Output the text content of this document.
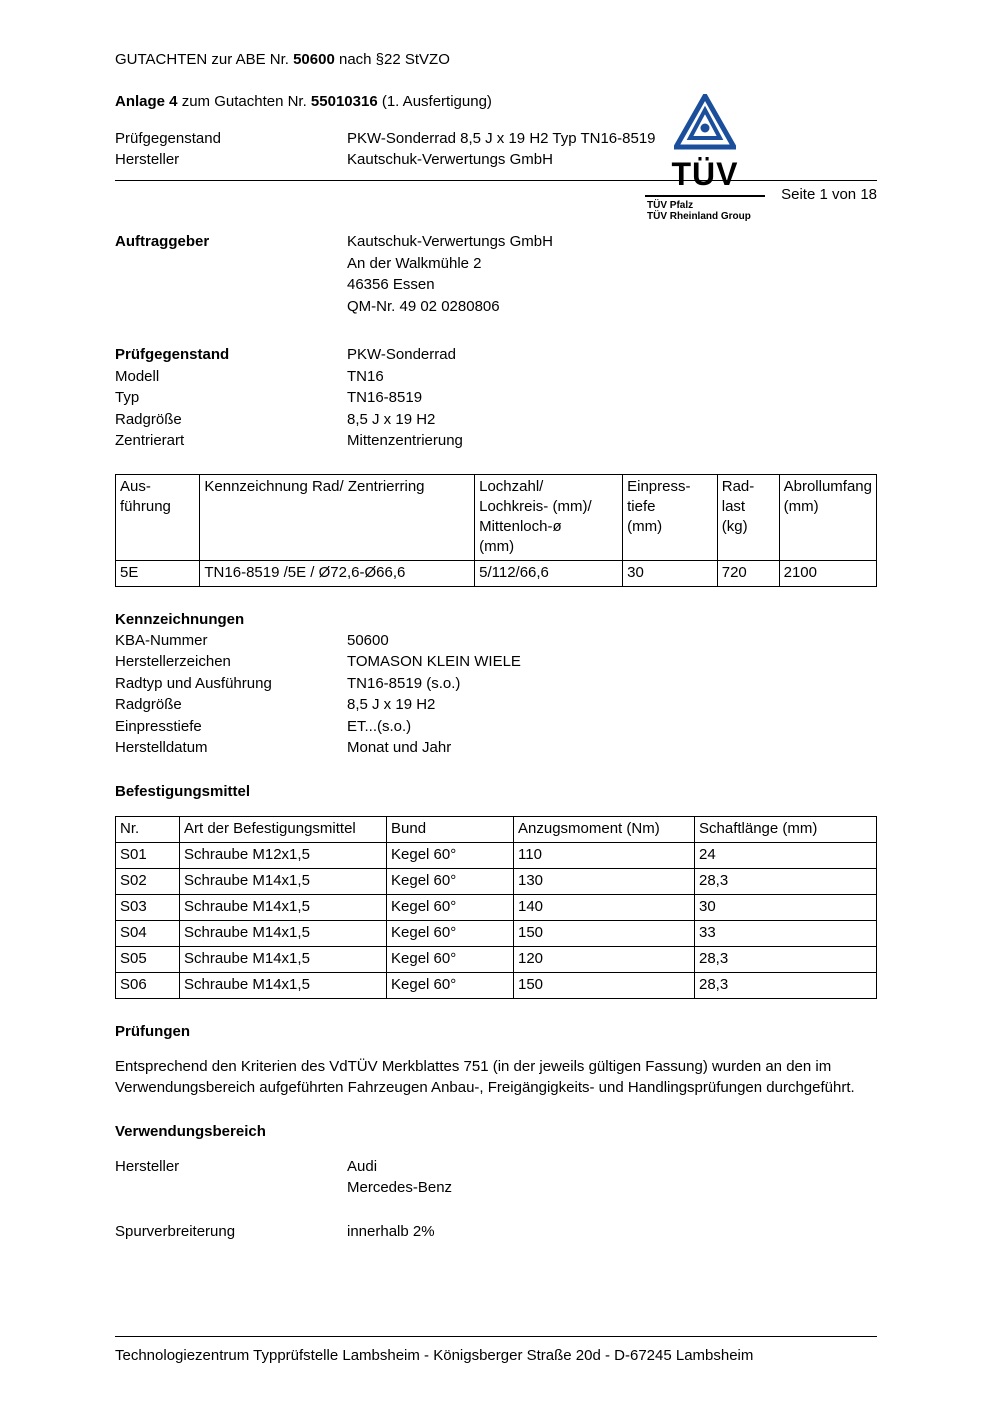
GUTACHTEN zur ABE Nr. 50600 nach §22 StVZO
Anlage 4 zum Gutachten Nr. 55010316 (1. Ausfertigung)
Prüfgegenstand	PKW-Sonderrad 8,5 J x 19 H2 Typ TN16-8519
Hersteller	Kautschuk-Verwertungs GmbH	TÜV
TÜV Pfalz
TÜV Rheinland Group
Seite 1 von 18
Auftraggeber	Kautschuk-Verwertungs GmbH
	An der Walkmühle 2
	46356 Essen
	QM-Nr. 49 02 0280806
Prüfgegenstand	PKW-Sonderrad
Modell	TN16
Typ	TN16-8519
Radgröße	8,5 J x 19 H2
Zentrierart	Mittenzentrierung
Aus-
führung	Kennzeichnung Rad/ Zentrierring	Lochzahl/
Lochkreis- (mm)/
Mittenloch-ø
(mm)	Einpress-
tiefe
(mm)	Rad-
last
(kg)	Abrollumfang
(mm)
5E	TN16-8519 /5E / Ø72,6-Ø66,6	5/112/66,6	30	720	2100
Kennzeichnungen
KBA-Nummer	50600
Herstellerzeichen	TOMASON KLEIN WIELE
Radtyp und Ausführung	TN16-8519 (s.o.)
Radgröße	8,5 J x 19 H2
Einpresstiefe	ET...(s.o.)
Herstelldatum	Monat und Jahr
Befestigungsmittel
Nr.	Art der Befestigungsmittel	Bund	Anzugsmoment (Nm)	Schaftlänge (mm)
S01	Schraube M12x1,5	Kegel 60°	110	24
S02	Schraube M14x1,5	Kegel 60°	130	28,3
S03	Schraube M14x1,5	Kegel 60°	140	30
S04	Schraube M14x1,5	Kegel 60°	150	33
S05	Schraube M14x1,5	Kegel 60°	120	28,3
S06	Schraube M14x1,5	Kegel 60°	150	28,3
Prüfungen

Entsprechend den Kriterien des VdTÜV Merkblattes 751 (in der jeweils gültigen Fassung) wurden an den im Verwendungsbereich aufgeführten Fahrzeugen Anbau-, Freigängigkeits- und Handlingsprüfungen durchgeführt.

Verwendungsbereich
Hersteller	Audi
	Mercedes-Benz

Spurverbreiterung	innerhalb 2%
Technologiezentrum Typprüfstelle Lambsheim - Königsberger Straße 20d - D-67245 Lambsheim
